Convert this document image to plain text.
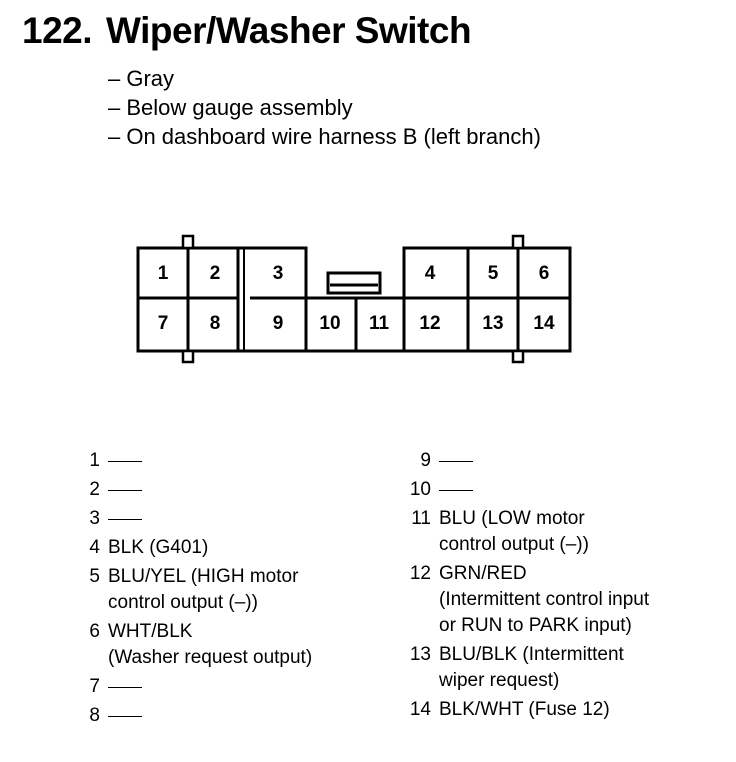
122. Wiper/Washer Switch
– Gray
– Below gauge assembly
– On dashboard wire harness B (left branch)
1 2	3	4	5 6
7 8	9 10 11 12 13 14
1
2
3
4 BLK (G401)
5 BLU/YEL (HIGH motor
control output (–))
6 WHT/BLK
(Washer request output)
7
8
9
10
11 BLU (LOW motor
control output (–))
12 GRN/RED
(Intermittent control input
or RUN to PARK input)
13 BLU/BLK (Intermittent
wiper request)
14 BLK/WHT (Fuse 12)
